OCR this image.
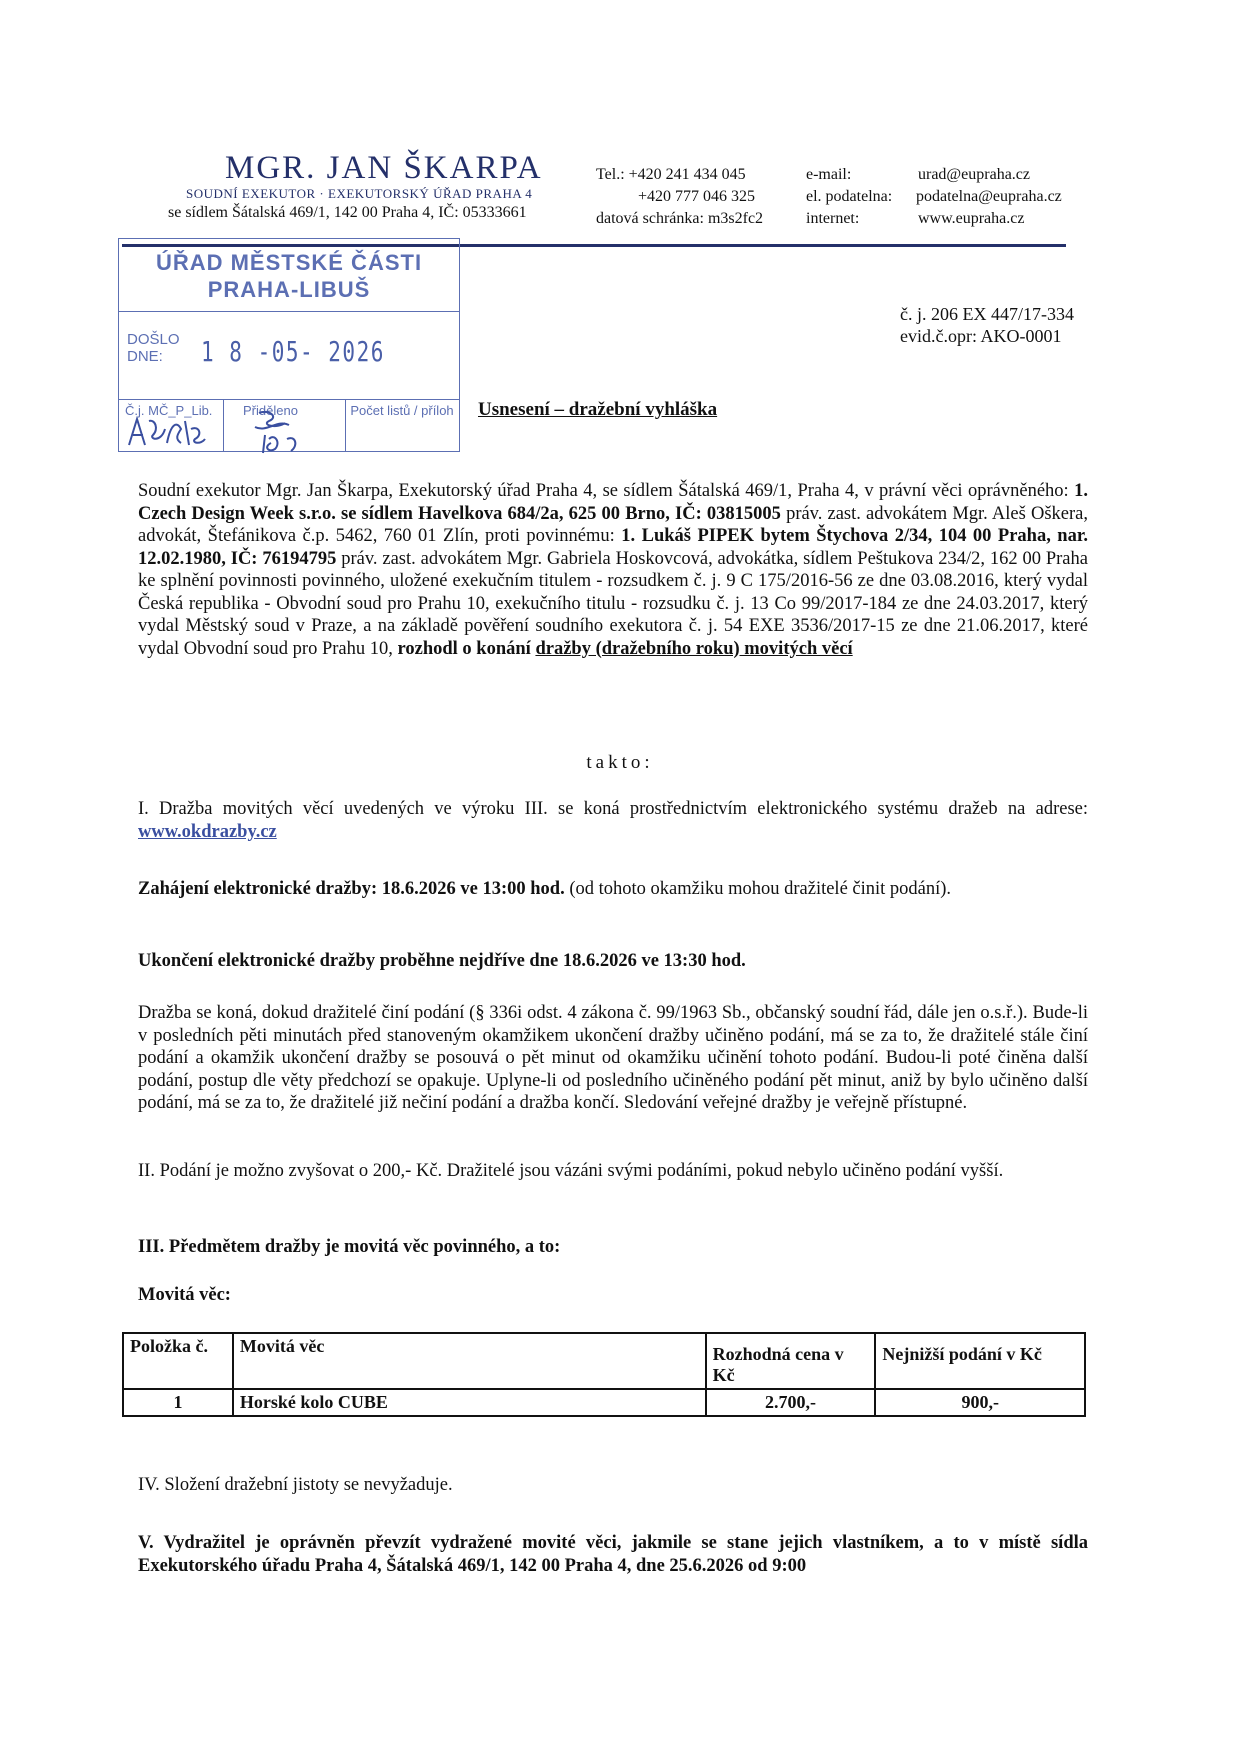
MGR. JAN ŠKARPA
SOUDNÍ EXEKUTOR · EXEKUTORSKÝ ÚŘAD PRAHA 4
se sídlem Šátalská 469/1, 142 00 Praha 4, IČ: 05333661
Tel.: +420 241 434 045	e-mail:	urad@eupraha.cz
+420 777 046 325	el. podatelna:	podatelna@eupraha.cz
datová schránka: m3s2fc2	internet:	www.eupraha.cz
ÚŘAD MĚSTSKÉ ČÁSTI
PRAHA-LIBUŠ
DOŠLO
DNE:	1 8 -05- 2026
Č.j. MČ_P_Lib. Přiděleno	Počet listů / příloh
č. j. 206 EX 447/17-334
evid.č.opr: AKO-0001
Usnesení – dražební vyhláška
Soudní exekutor Mgr. Jan Škarpa, Exekutorský úřad Praha 4, se sídlem Šátalská 469/1, Praha 4, v právní věci oprávněného: 1. Czech Design Week s.r.o. se sídlem Havelkova 684/2a, 625 00 Brno, IČ: 03815005 práv. zast. advokátem Mgr. Aleš Oškera, advokát, Štefánikova č.p. 5462, 760 01 Zlín, proti povinnému: 1. Lukáš PIPEK bytem Štychova 2/34, 104 00 Praha, nar. 12.02.1980, IČ: 76194795 práv. zast. advokátem Mgr. Gabriela Hoskovcová, advokátka, sídlem Peštukova 234/2, 162 00 Praha ke splnění povinnosti povinného, uložené exekučním titulem - rozsudkem č. j. 9 C 175/2016-56 ze dne 03.08.2016, který vydal Česká republika - Obvodní soud pro Prahu 10, exekučního titulu - rozsudku č. j. 13 Co 99/2017-184 ze dne 24.03.2017, který vydal Městský soud v Praze, a na základě pověření soudního exekutora č. j. 54 EXE 3536/2017-15 ze dne 21.06.2017, které vydal Obvodní soud pro Prahu 10, rozhodl o konání dražby (dražebního roku) movitých věcí
takto:
I. Dražba movitých věcí uvedených ve výroku III. se koná prostřednictvím elektronického systému dražeb na adrese: www.okdrazby.cz
Zahájení elektronické dražby: 18.6.2026 ve 13:00 hod. (od tohoto okamžiku mohou dražitelé činit podání).
Ukončení elektronické dražby proběhne nejdříve dne 18.6.2026 ve 13:30 hod.
Dražba se koná, dokud dražitelé činí podání (§ 336i odst. 4 zákona č. 99/1963 Sb., občanský soudní řád, dále jen o.s.ř.). Bude-li v posledních pěti minutách před stanoveným okamžikem ukončení dražby učiněno podání, má se za to, že dražitelé stále činí podání a okamžik ukončení dražby se posouvá o pět minut od okamžiku učinění tohoto podání. Budou-li poté činěna další podání, postup dle věty předchozí se opakuje. Uplyne-li od posledního učiněného podání pět minut, aniž by bylo učiněno další podání, má se za to, že dražitelé již nečiní podání a dražba končí. Sledování veřejné dražby je veřejně přístupné.
II. Podání je možno zvyšovat o 200,- Kč. Dražitelé jsou vázáni svými podáními, pokud nebylo učiněno podání vyšší.
III. Předmětem dražby je movitá věc povinného, a to:
Movitá věc:
Položka č.	Movitá věc	Rozhodná cena v Kč	Nejnižší podání v Kč
1	Horské kolo CUBE	2.700,-	900,-
IV. Složení dražební jistoty se nevyžaduje.
V. Vydražitel je oprávněn převzít vydražené movité věci, jakmile se stane jejich vlastníkem, a to v místě sídla Exekutorského úřadu Praha 4, Šátalská 469/1, 142 00 Praha 4, dne 25.6.2026 od 9:00
